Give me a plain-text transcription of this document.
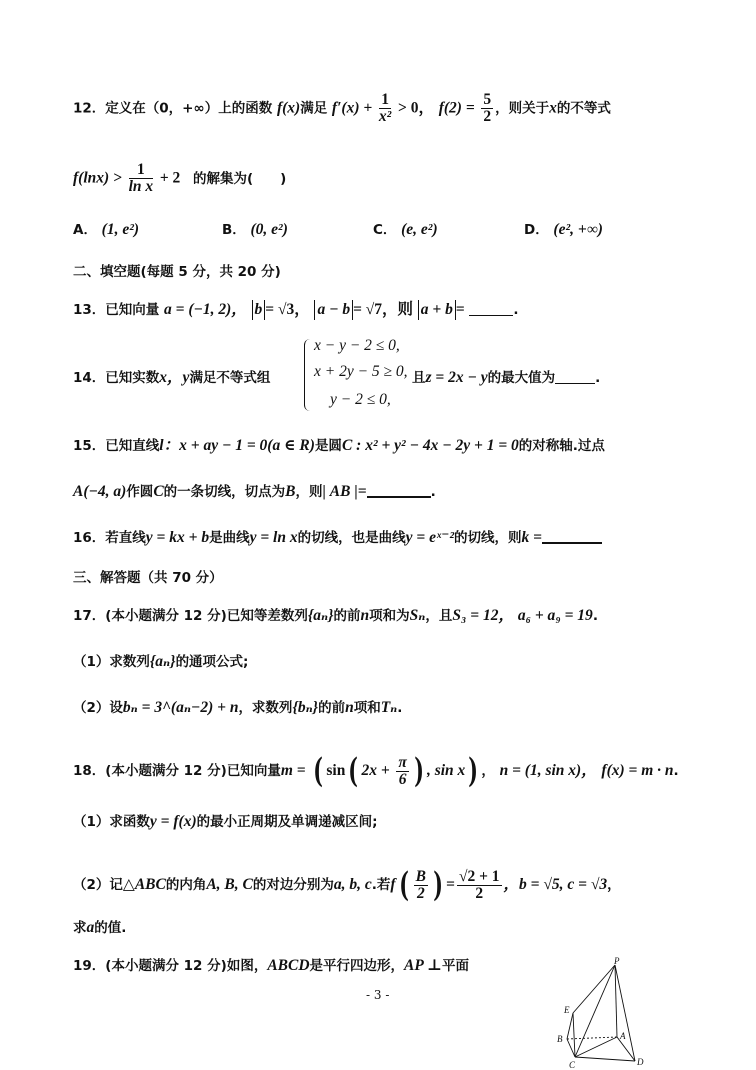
12．定义在（0，+∞）上的函数 f(x)满足 $f'(x) + \frac{1}{\text{x²}} > 0$， $f(2) = \frac{5}{2}$ ，则关于x的不等式
$f(\ln x) > \frac{1}{\text{ln x}} + 2$ 的解集为(　　)
A． (1, e²)	B． (0, e²)	C． (e, e²)	D． (e², +∞)
二、填空题(每题 5 分，共 20 分)
13．已知向量 a = (−1, 2)， b = √3， a − b = √7，则 a + b =	.
14．已知实数x，y满足不等式组
x − y − 2 ≤ 0,
x + 2y − 5 ≥ 0,
y − 2 ≤ 0,
且z = 2x − y的最大值为	.
15．已知直线l：x + ay − 1 = 0(a ∈ R)是圆C : x² + y² − 4x − 2y + 1 = 0的对称轴.过点
A(−4, a)作圆C的一条切线，切点为B，则| AB |=	.
16．若直线y = kx + b是曲线y = ln x的切线，也是曲线y = eˣ⁻²的切线，则k =
三、解答题（共 70 分）
17．(本小题满分 12 分)已知等差数列{aₙ}的前n项和为Sₙ，且S₃ = 12， a₆ + a₉ = 19.
（1）求数列{aₙ}的通项公式;
（2）设bₙ = 3^(aₙ−2) + n，求数列{bₙ}的前n项和Tₙ.
18．(本小题满分 12 分)已知向量m = ( sin( $2x + \frac{\pi}{6}$ ) , sin x) ， n = (1, sin x)， f(x) = m · n.
（1）求函数y = f(x)的最小正周期及单调递减区间;
（2）记△ABC的内角A, B, C的对边分别为a, b, c.若$f( \frac{B}{2}$ ) = $\frac{√2 + 1}{2}$ ，b = √5, c = √3，
求a的值.
19．(本小题满分 12 分)如图，ABCD是平行四边形，AP ⊥平面	P
E
B	A
C	D
- 3 -
